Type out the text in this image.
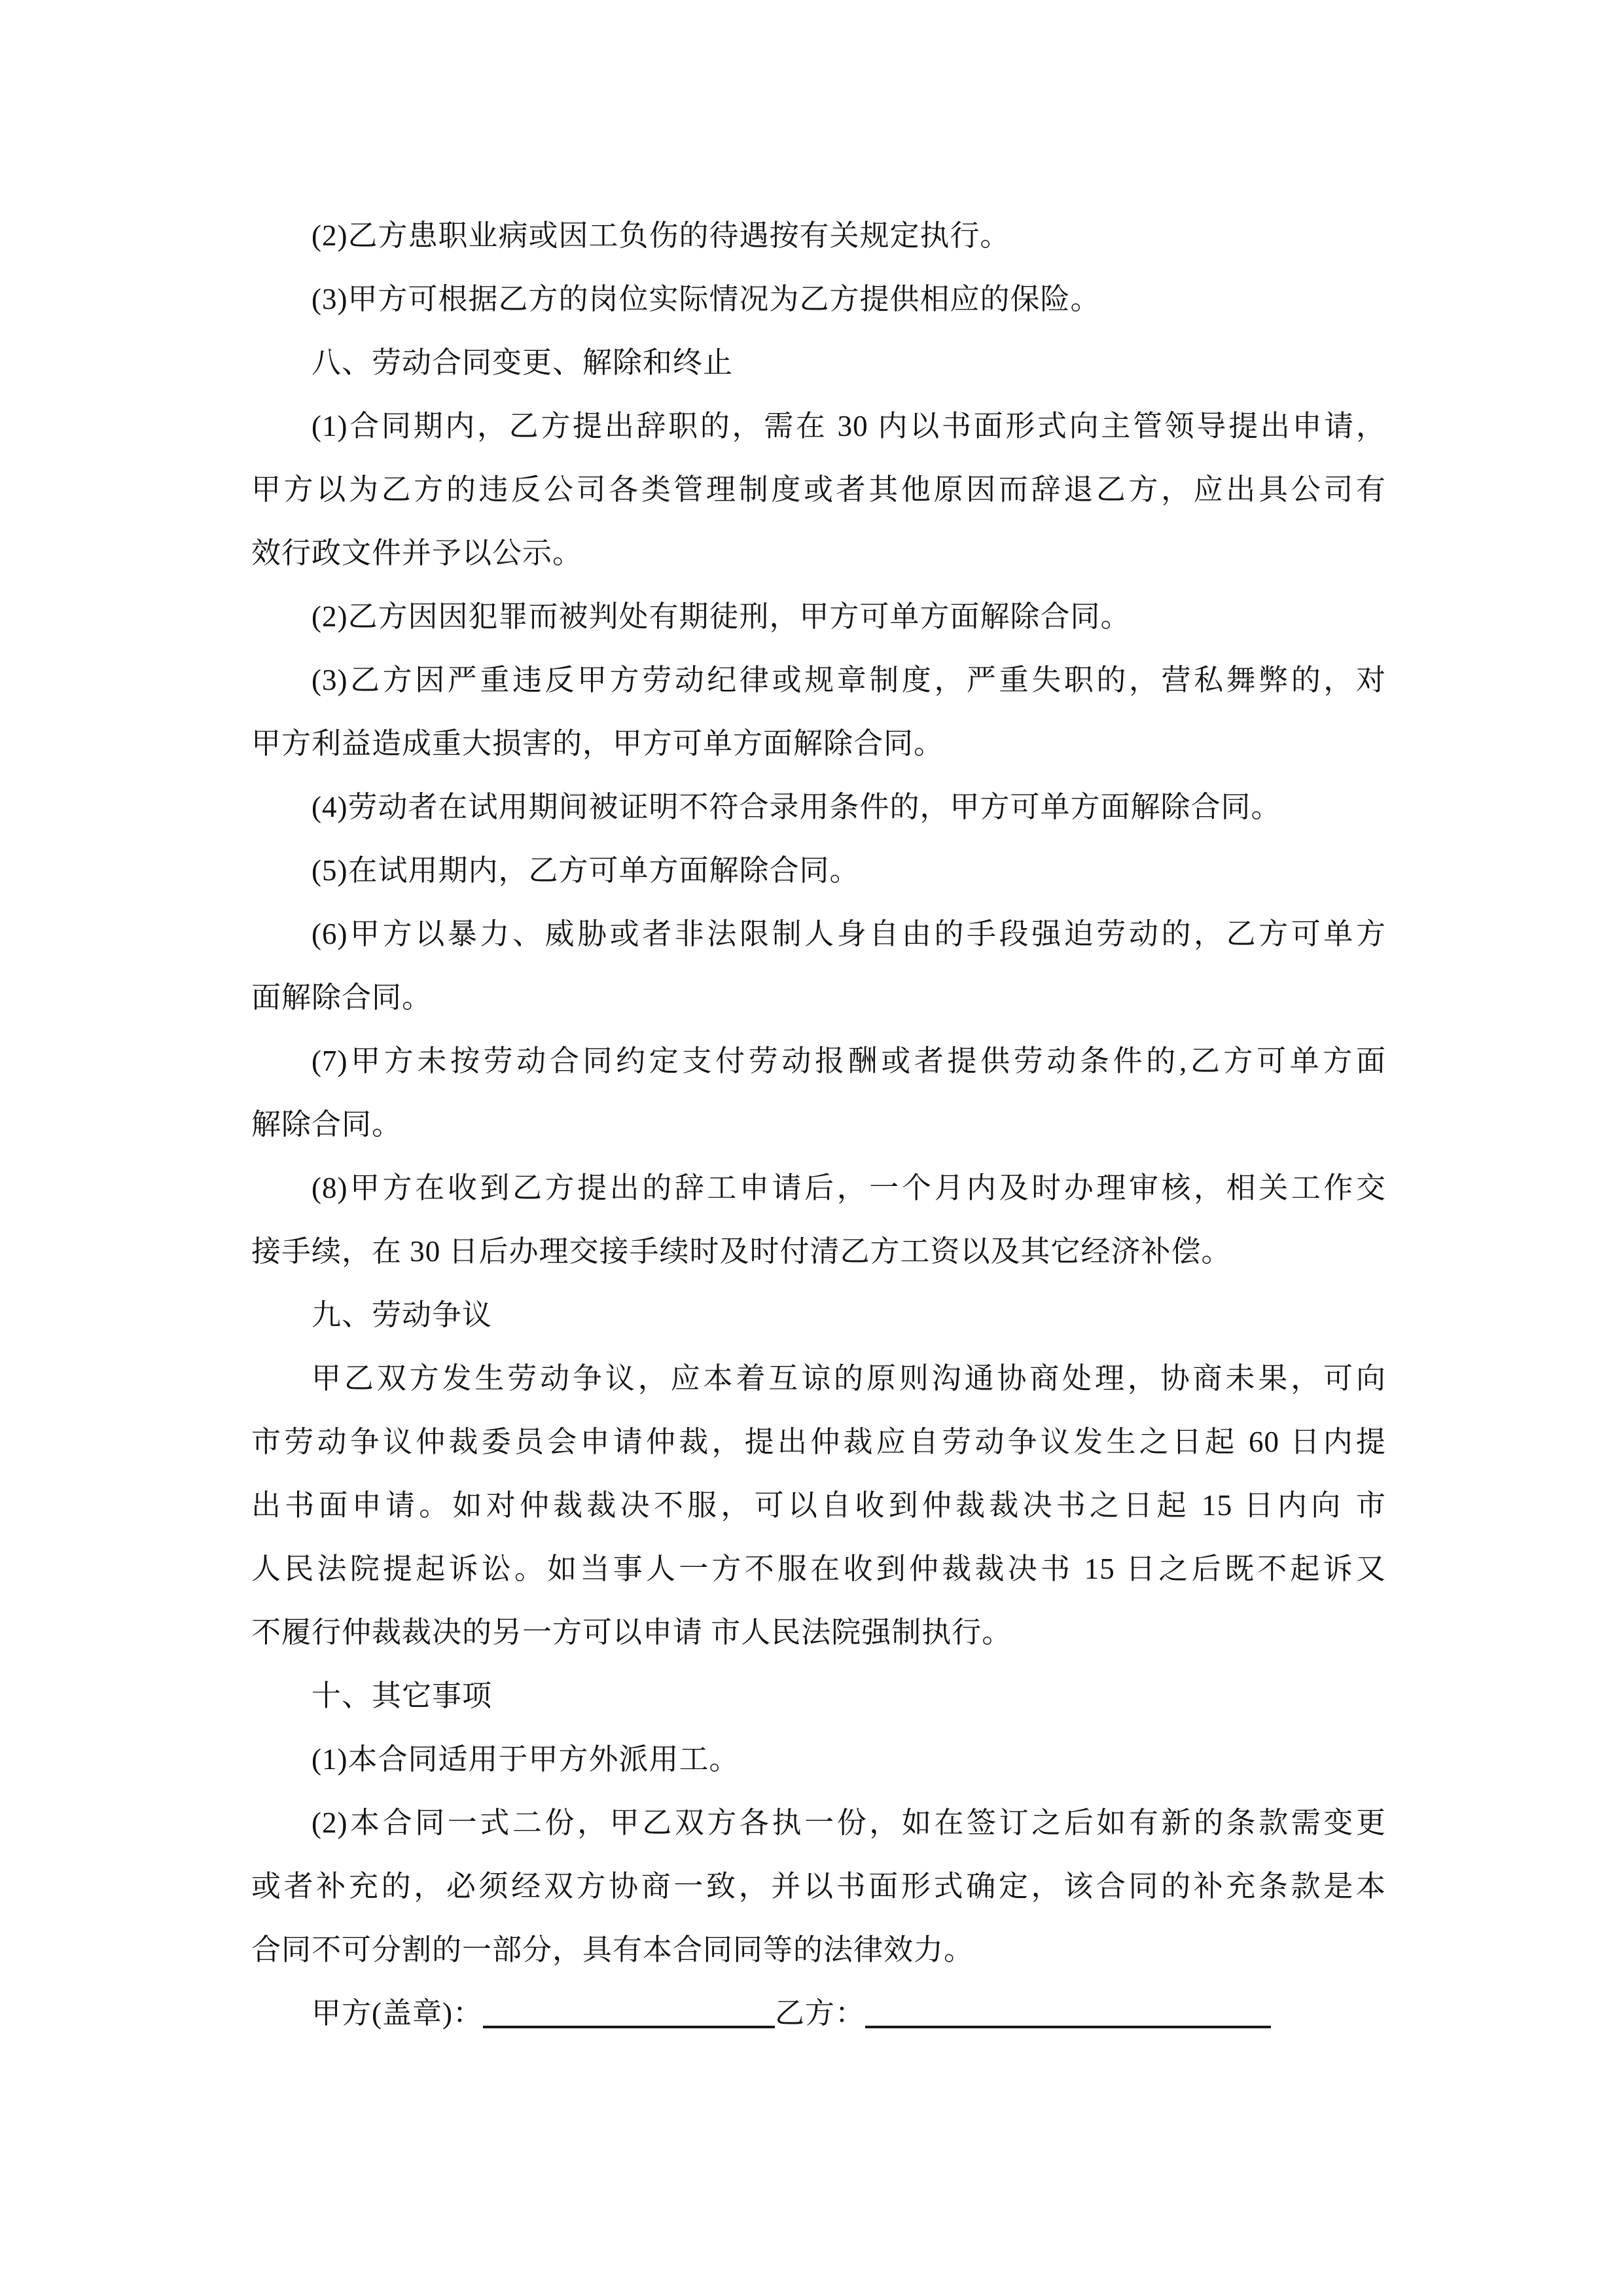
(2)乙方患职业病或因工负伤的待遇按有关规定执行。
(3)甲方可根据乙方的岗位实际情况为乙方提供相应的保险。
八、劳动合同变更、解除和终止
(1)合同期内，乙方提出辞职的，需在 30 内以书面形式向主管领导提出申请，
甲方以为乙方的违反公司各类管理制度或者其他原因而辞退乙方，应出具公司有
效行政文件并予以公示。
(2)乙方因因犯罪而被判处有期徒刑，甲方可单方面解除合同。
(3)乙方因严重违反甲方劳动纪律或规章制度，严重失职的，营私舞弊的，对
甲方利益造成重大损害的，甲方可单方面解除合同。
(4)劳动者在试用期间被证明不符合录用条件的，甲方可单方面解除合同。
(5)在试用期内，乙方可单方面解除合同。
(6)甲方以暴力、威胁或者非法限制人身自由的手段强迫劳动的，乙方可单方
面解除合同。
(7)甲方未按劳动合同约定支付劳动报酬或者提供劳动条件的,乙方可单方面
解除合同。
(8)甲方在收到乙方提出的辞工申请后，一个月内及时办理审核，相关工作交
接手续，在 30 日后办理交接手续时及时付清乙方工资以及其它经济补偿。
九、劳动争议
甲乙双方发生劳动争议，应本着互谅的原则沟通协商处理，协商未果，可向
市劳动争议仲裁委员会申请仲裁，提出仲裁应自劳动争议发生之日起 60 日内提
出书面申请。如对仲裁裁决不服，可以自收到仲裁裁决书之日起 15 日内向 市
人民法院提起诉讼。如当事人一方不服在收到仲裁裁决书 15 日之后既不起诉又
不履行仲裁裁决的另一方可以申请 市人民法院强制执行。
十、其它事项
(1)本合同适用于甲方外派用工。
(2)本合同一式二份，甲乙双方各执一份，如在签订之后如有新的条款需变更
或者补充的，必须经双方协商一致，并以书面形式确定，该合同的补充条款是本
合同不可分割的一部分，具有本合同同等的法律效力。
甲方(盖章)：	乙方：
